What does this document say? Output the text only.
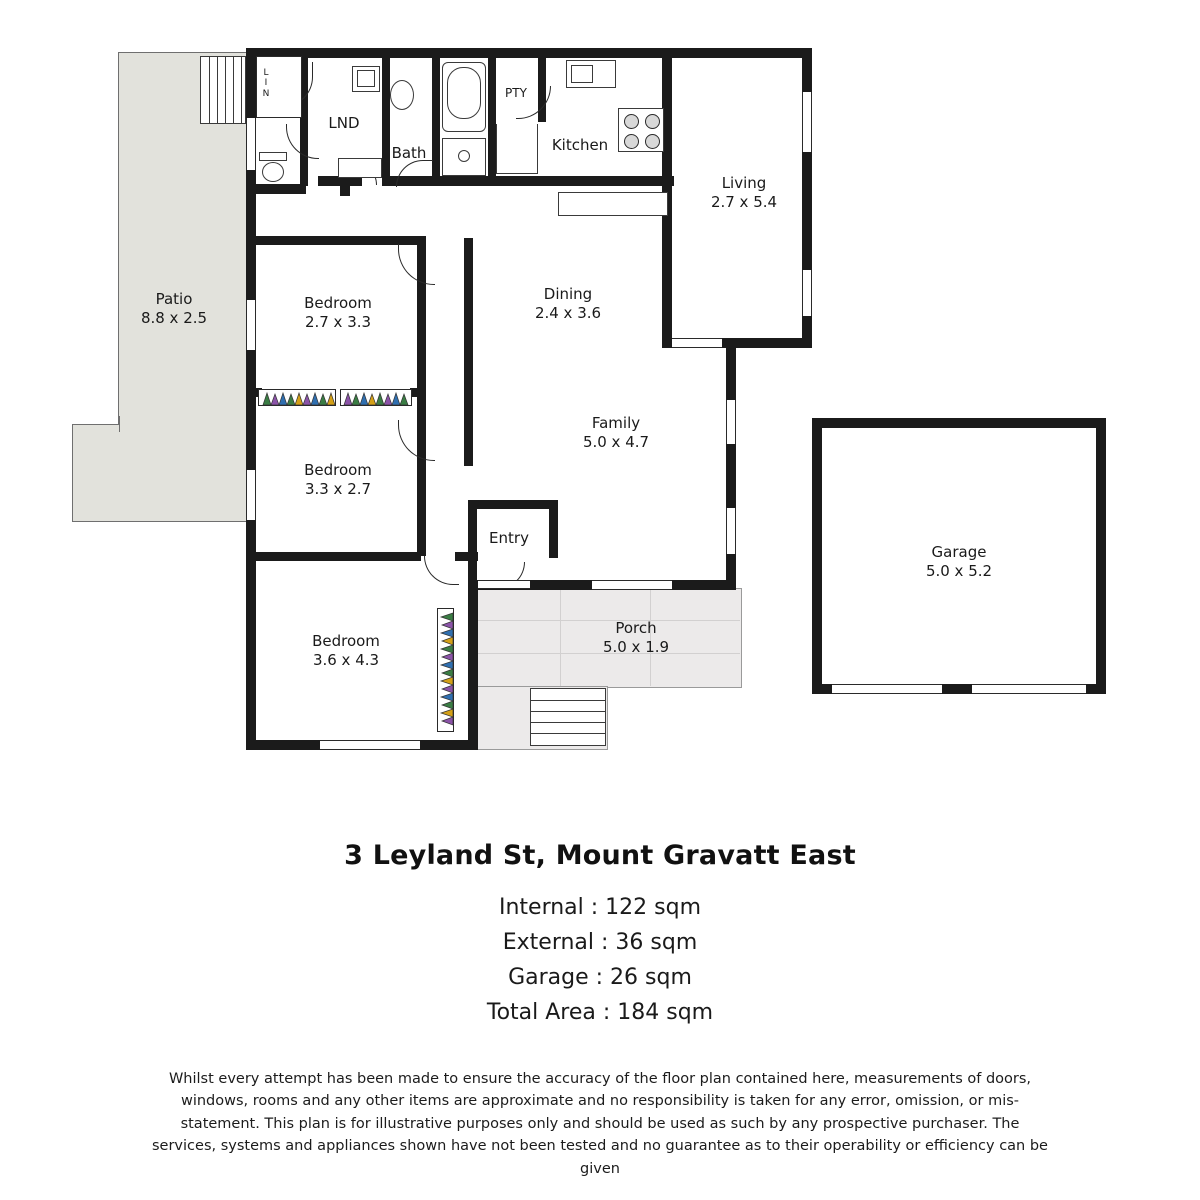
Patio
8.8 x 2.5
L
I
N
LND
Bath
PTY
Kitchen
Living
2.7 x 5.4
Bedroom
2.7 x 3.3
Dining
2.4 x 3.6
Bedroom
3.3 x 2.7
Family
5.0 x 4.7
Entry
Bedroom
3.6 x 4.3
Porch
5.0 x 1.9
Garage
5.0 x 5.2
3 Leyland St, Mount Gravatt East
Internal : 122 sqm
External : 36 sqm
Garage : 26 sqm
Total Area : 184 sqm
Whilst every attempt has been made to ensure the accuracy of the floor plan contained here, measurements of doors, windows, rooms and any other items are approximate and no responsibility is taken for any error, omission, or mis-statement. This plan is for illustrative purposes only and should be used as such by any prospective purchaser. The services, systems and appliances shown have not been tested and no guarantee as to their operability or efficiency can be given
